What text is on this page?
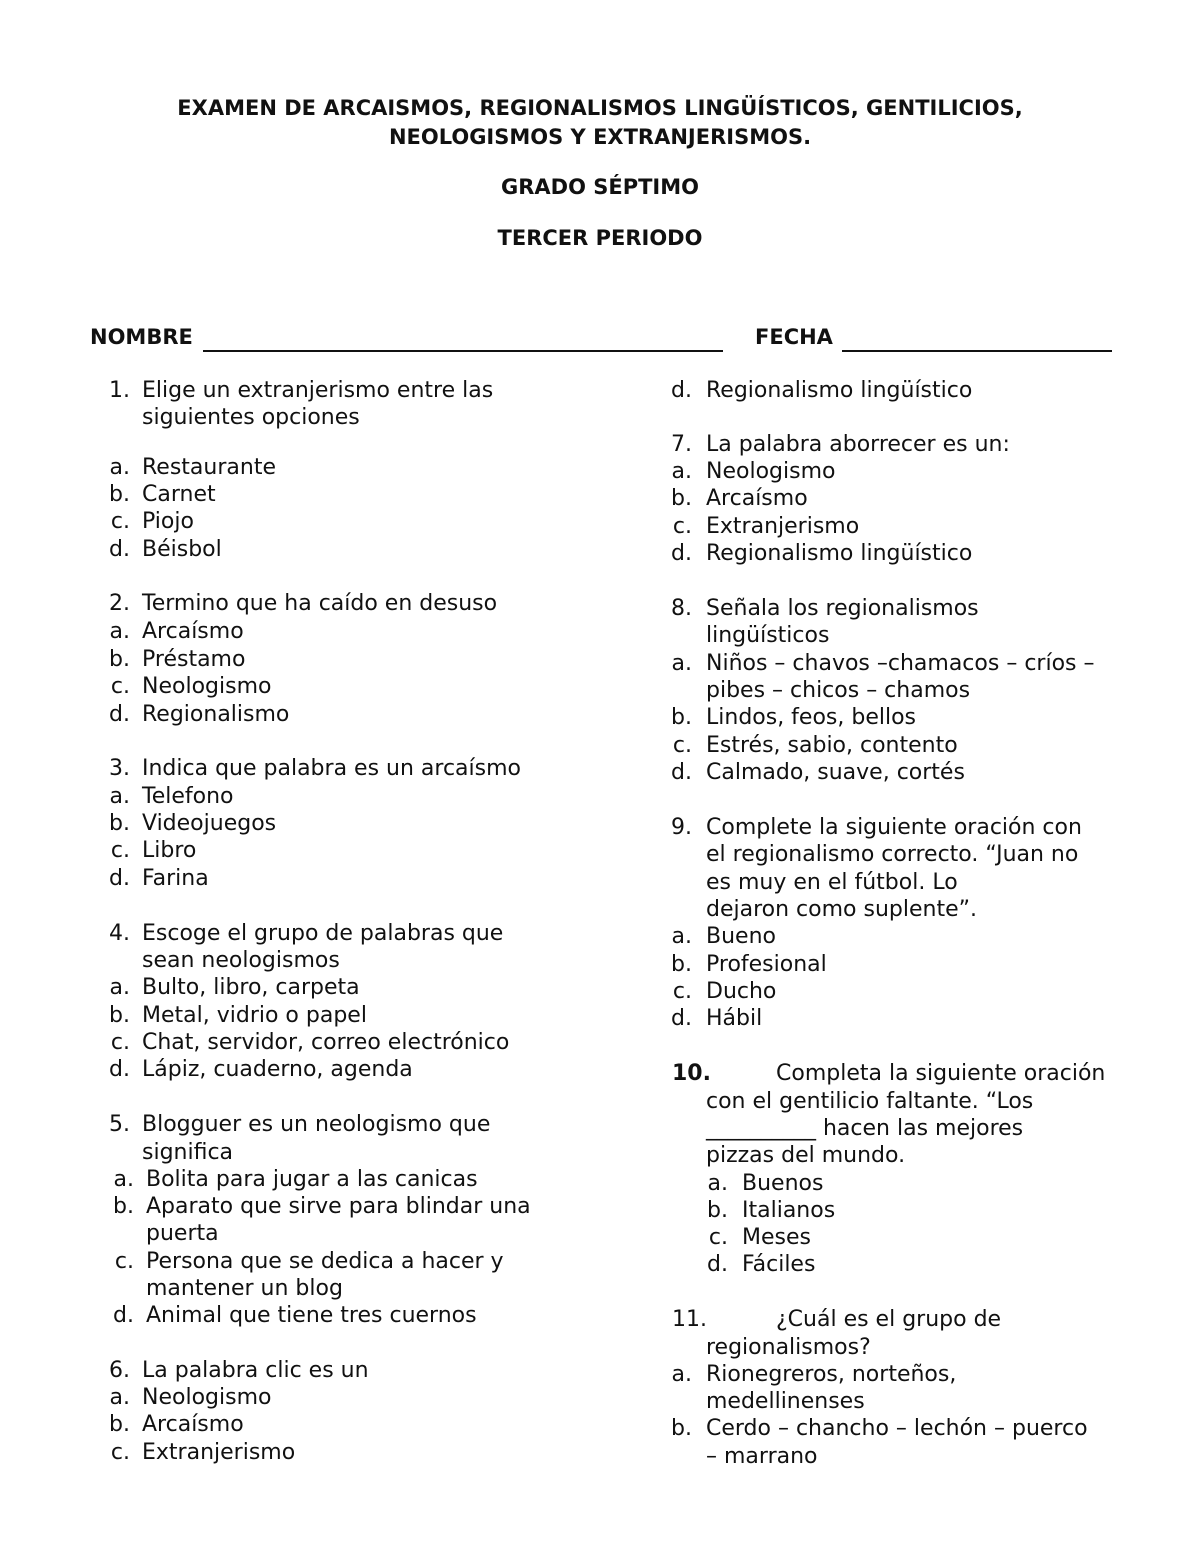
EXAMEN DE ARCAISMOS, REGIONALISMOS LINGÜÍSTICOS, GENTILICIOS,
NEOLOGISMOS Y EXTRANJERISMOS.
GRADO SÉPTIMO
TERCER PERIODO
NOMBRE	FECHA
1. Elige un extranjerismo entre las
siguientes opciones
a. Restaurante
b. Carnet
c. Piojo
d. Béisbol
2. Termino que ha caído en desuso
a. Arcaísmo
b. Préstamo
c. Neologismo
d. Regionalismo
3. Indica que palabra es un arcaísmo
a. Telefono
b. Videojuegos
c. Libro
d. Farina
4. Escoge el grupo de palabras que
sean neologismos
a. Bulto, libro, carpeta
b. Metal, vidrio o papel
c. Chat, servidor, correo electrónico
d. Lápiz, cuaderno, agenda
5. Blogguer es un neologismo que
significa
a. Bolita para jugar a las canicas
b. Aparato que sirve para blindar una
puerta
c. Persona que se dedica a hacer y
mantener un blog
d. Animal que tiene tres cuernos
6. La palabra clic es un
a. Neologismo
b. Arcaísmo
c. Extranjerismo
d. Regionalismo lingüístico
7. La palabra aborrecer es un:
a. Neologismo
b. Arcaísmo
c. Extranjerismo
d. Regionalismo lingüístico
8. Señala los regionalismos
lingüísticos
a. Niños – chavos –chamacos – críos –
pibes – chicos – chamos
b. Lindos, feos, bellos
c. Estrés, sabio, contento
d. Calmado, suave, cortés
9. Complete la siguiente oración con
el regionalismo correcto. “Juan no
es muy en el fútbol. Lo
dejaron como suplente”.
a. Bueno
b. Profesional
c. Ducho
d. Hábil
10.	Completa la siguiente oración
con el gentilicio faltante. “Los
__________ hacen las mejores
pizzas del mundo.
a. Buenos
b. Italianos
c. Meses
d. Fáciles
11.	¿Cuál es el grupo de
regionalismos?
a. Rionegreros, norteños,
medellinenses
b. Cerdo – chancho – lechón – puerco
– marrano
